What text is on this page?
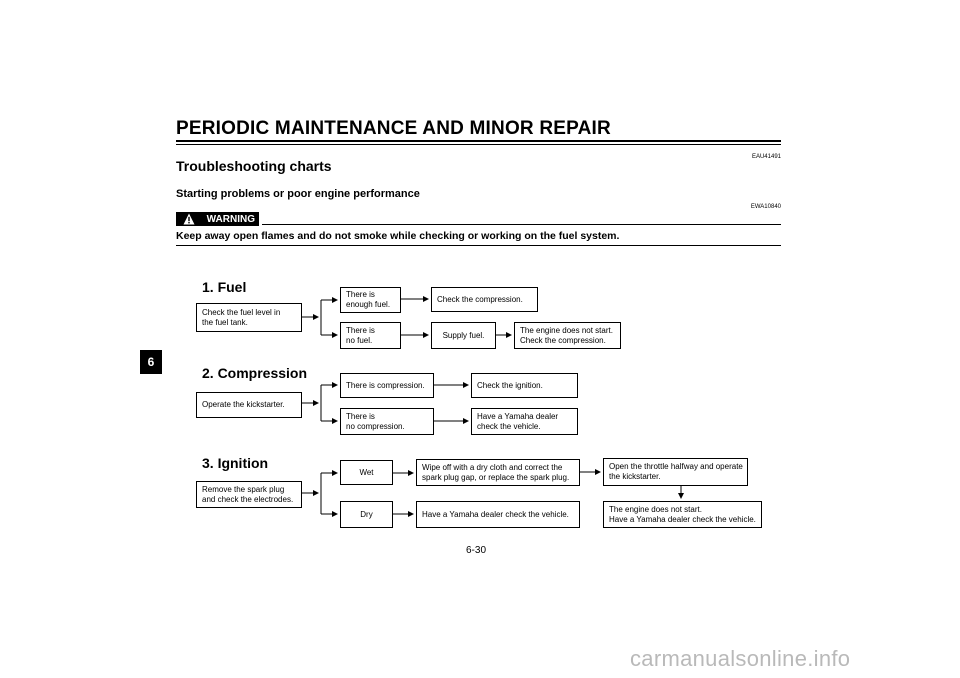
PERIODIC MAINTENANCE AND MINOR REPAIR
EAU41491
Troubleshooting charts
Starting problems or poor engine performance
EWA10840
WARNING
Keep away open flames and do not smoke while checking or working on the fuel system.
6
1. Fuel
Check the fuel level in
the fuel tank.
There is
enough fuel.
Check the compression.
There is
no fuel.
Supply fuel.
The engine does not start.
Check the compression.
2. Compression
Operate the kickstarter.
There is compression.	Check the ignition.
There is
no compression.
Have a Yamaha dealer
check the vehicle.
3. Ignition
Remove the spark plug
and check the electrodes.
Wet
Wipe off with a dry cloth and correct the
spark plug gap, or replace the spark plug.
Open the throttle halfway and operate
the kickstarter.
The engine does not start.
Have a Yamaha dealer check the vehicle.
Dry	Have a Yamaha dealer check the vehicle.
6-30
carmanualsonline.info
